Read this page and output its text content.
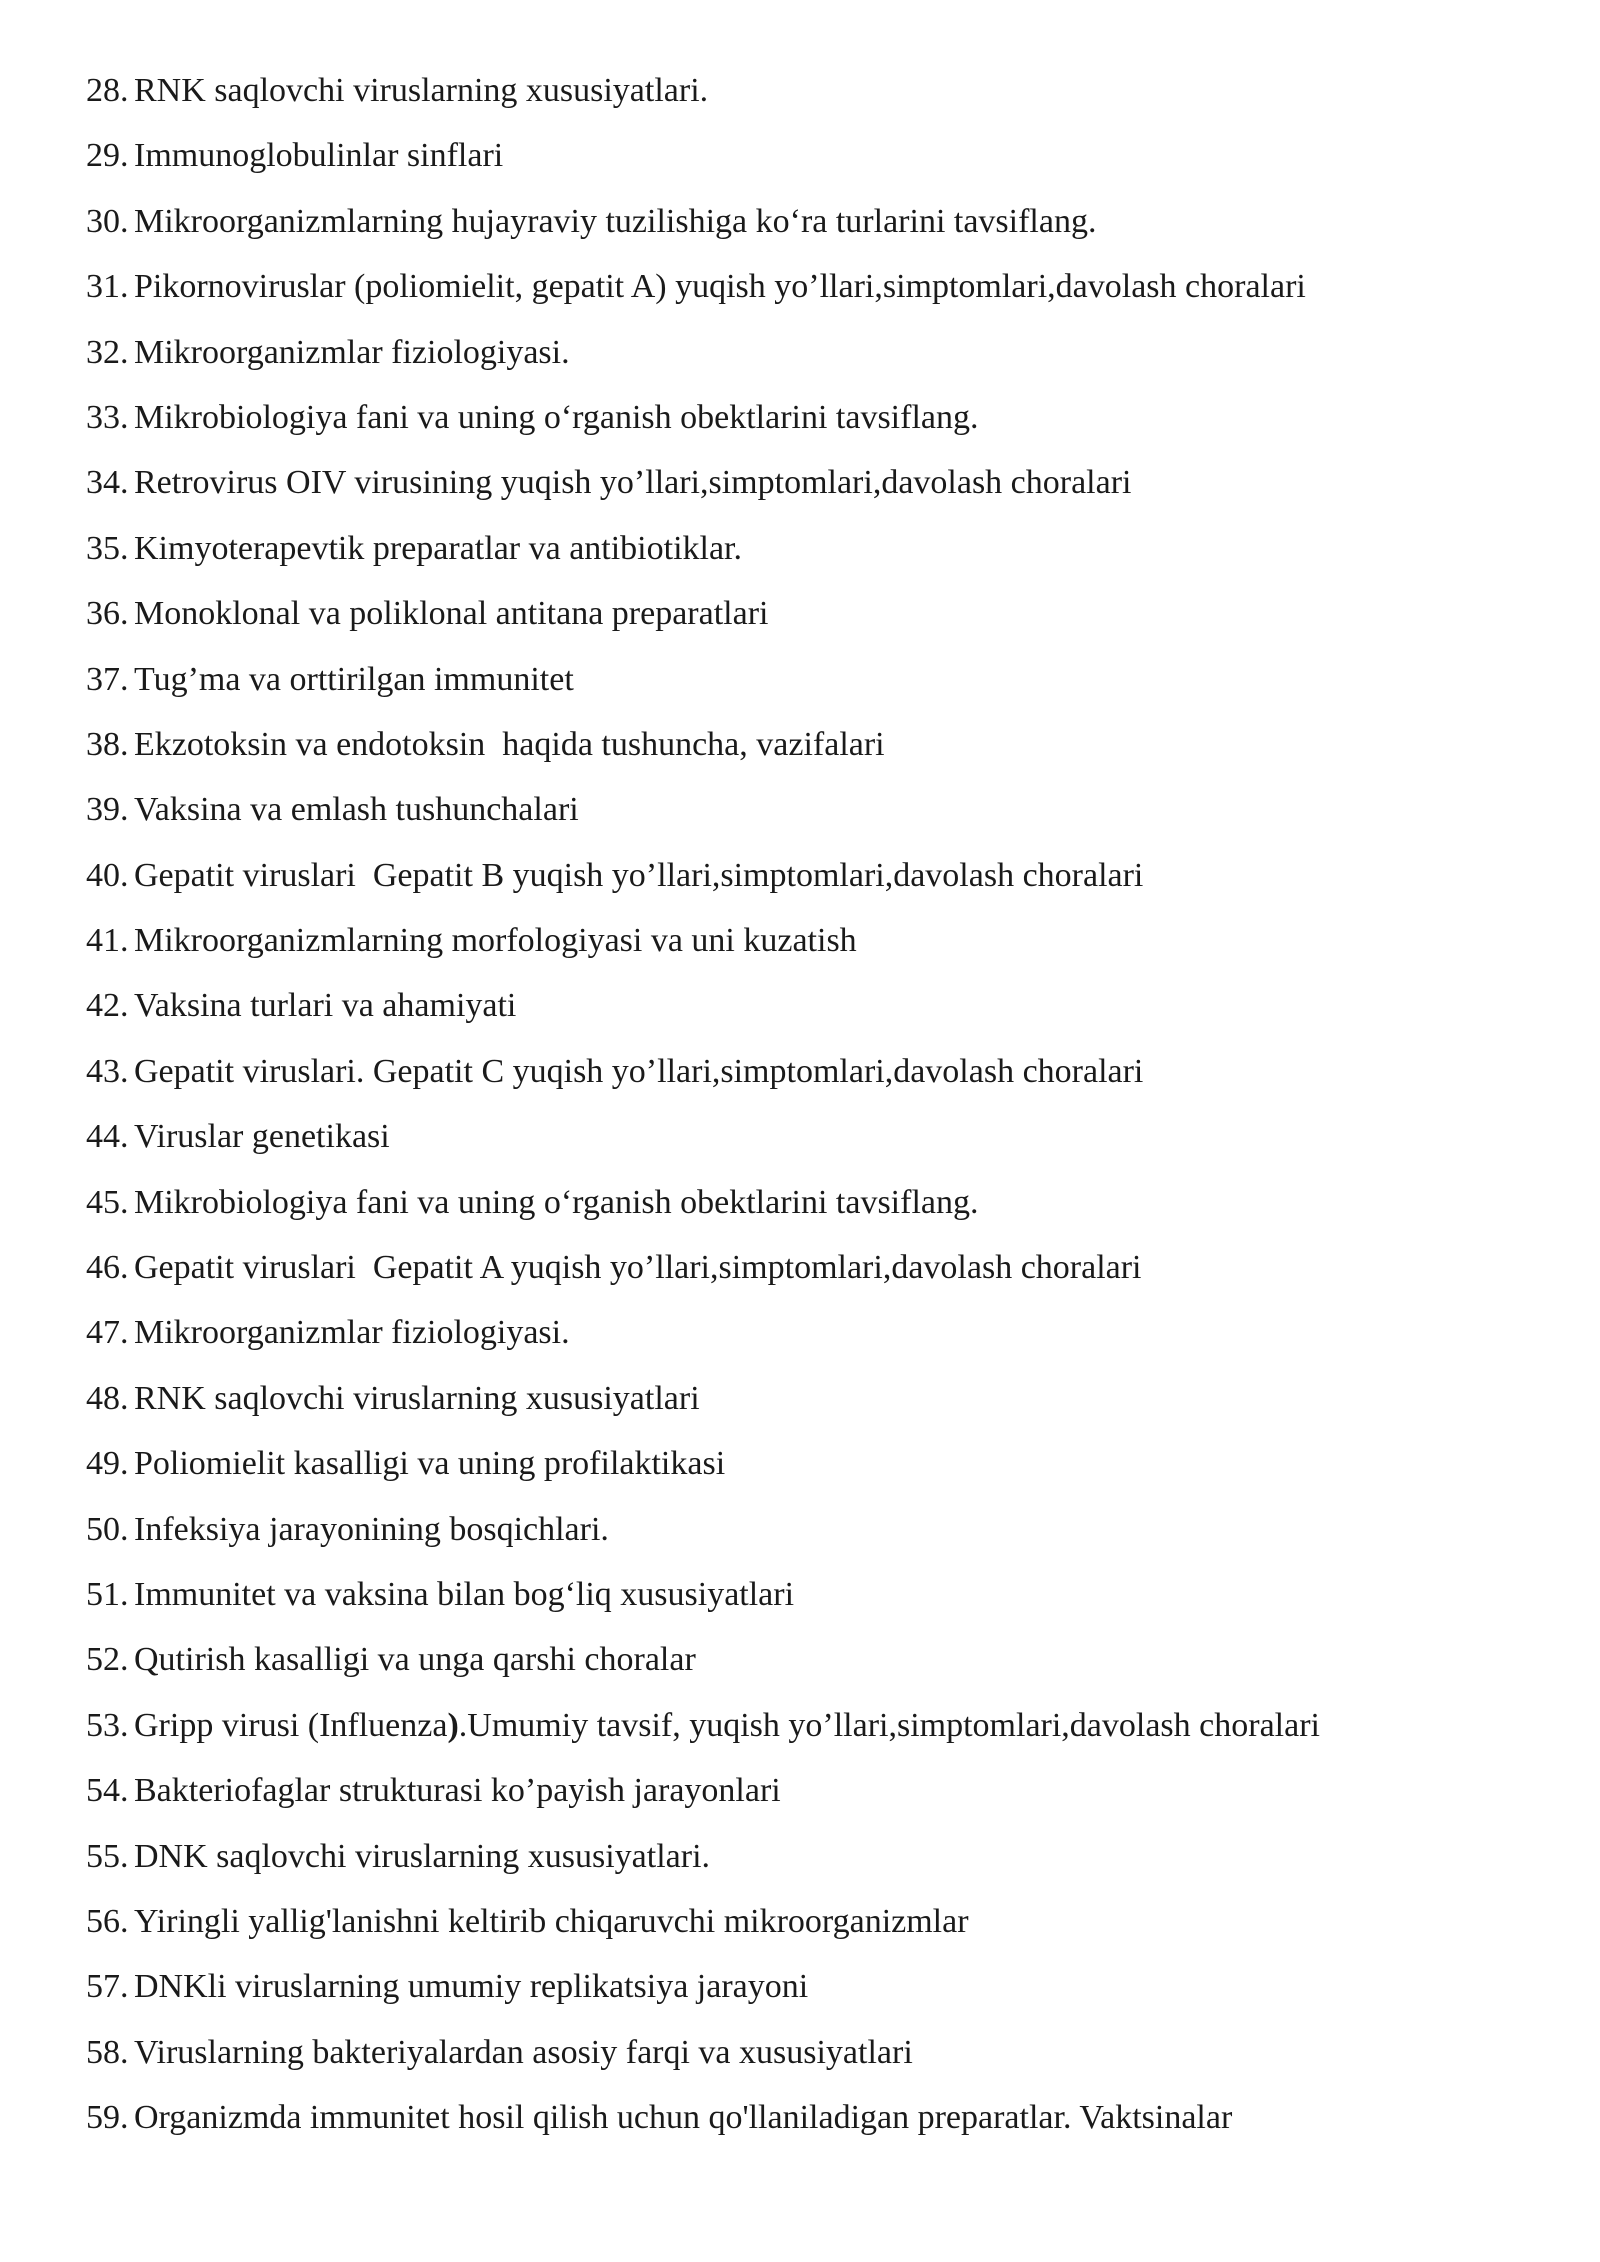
28 . RNK saqlovchi viruslarning xususiyatlari.
29 . Immunoglobulinlar sinflari
30 . Mikroorganizmlarning hujayraviy tuzilishiga ko‘ra turlarini tavsiflang.
31 . Pikornoviruslar (poliomielit, gepatit A) yuqish yo’llari,simptomlari,davolash choralari
32 . Mikroorganizmlar fiziologiyasi.
33 . Mikrobiologiya fani va uning o‘rganish obektlarini tavsiflang.
34 . Retrovirus OIV virusining yuqish yo’llari,simptomlari,davolash choralari
35 . Kimyoterapevtik preparatlar va antibiotiklar.
36 . Monoklonal va poliklonal antitana preparatlari
37 . Tug’ma va orttirilgan immunitet
38 . Ekzotoksin va endotoksin  haqida tushuncha, vazifalari
39 . Vaksina va emlash tushunchalari
40 . Gepatit viruslari  Gepatit B yuqish yo’llari,simptomlari,davolash choralari
41 . Mikroorganizmlarning morfologiyasi va uni kuzatish
42 . Vaksina turlari va ahamiyati
43 . Gepatit viruslari. Gepatit C yuqish yo’llari,simptomlari,davolash choralari
44 . Viruslar genetikasi
45 . Mikrobiologiya fani va uning o‘rganish obektlarini tavsiflang.
46 . Gepatit viruslari  Gepatit A yuqish yo’llari,simptomlari,davolash choralari
47 . Mikroorganizmlar fiziologiyasi.
48 . RNK saqlovchi viruslarning xususiyatlari
49 . Poliomielit kasalligi va uning profilaktikasi
50 . Infeksiya jarayonining bosqichlari.
51 . Immunitet va vaksina bilan bog‘liq xususiyatlari
52 . Qutirish kasalligi va unga qarshi choralar
53 . Gripp virusi (Influenza).Umumiy tavsif, yuqish yo’llari,simptomlari,davolash choralari
54 . Bakteriofaglar strukturasi ko’payish jarayonlari
55 . DNK saqlovchi viruslarning xususiyatlari.
56 . Yiringli yallig'lanishni keltirib chiqaruvchi mikroorganizmlar
57 . DNKli viruslarning umumiy replikatsiya jarayoni
58 . Viruslarning bakteriyalardan asosiy farqi va xususiyatlari
59 . Organizmda immunitet hosil qilish uchun qo'llaniladigan preparatlar. Vaktsinalar
